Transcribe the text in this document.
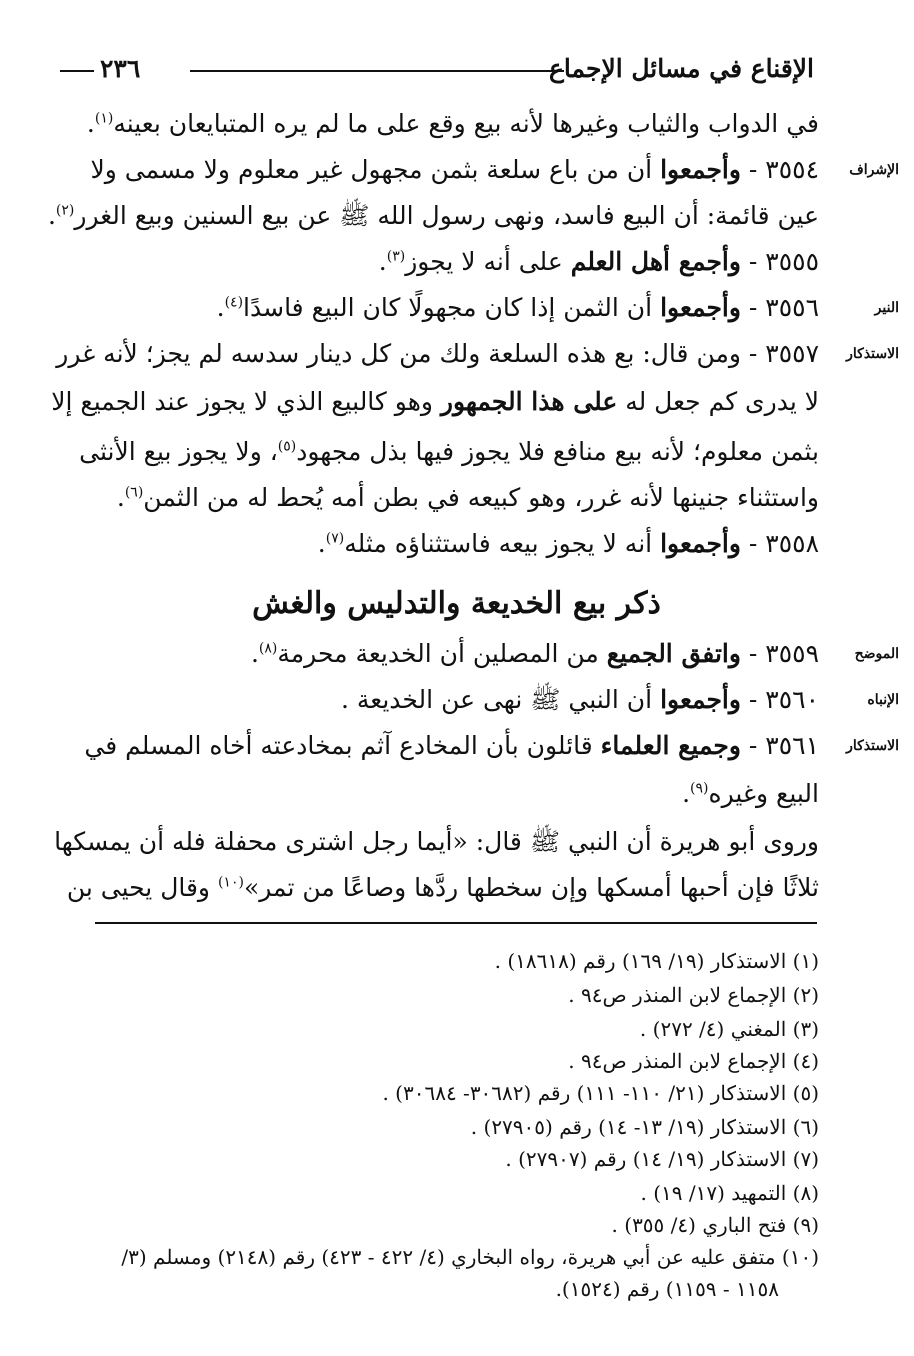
الإقناع في مسائل الإجماع
٢٣٦
في الدواب والثياب وغيرها لأنه بيع وقع على ما لم يره المتبايعان بعينه$^{(١)}$.
الإشراف
٣٥٥٤ - وأجمعوا أن من باع سلعة بثمن مجهول غير معلوم ولا مسمى ولا
عين قائمة: أن البيع فاسد، ونهى رسول الله ﷺ عن بيع السنين وبيع الغرر$^{(٢)}$.
٣٥٥٥ - وأجمع أهل العلم على أنه لا يجوز$^{(٣)}$.
النير
٣٥٥٦ - وأجمعوا أن الثمن إذا كان مجهولًا كان البيع فاسدًا$^{(٤)}$.
الاستذكار
٣٥٥٧ - ومن قال: بع هذه السلعة ولك من كل دينار سدسه لم يجز؛ لأنه غرر
لا يدرى كم جعل له على هذا الجمهور وهو كالبيع الذي لا يجوز عند الجميع إلا
بثمن معلوم؛ لأنه بيع منافع فلا يجوز فيها بذل مجهود$^{(٥)}$، ولا يجوز بيع الأنثى
واستثناء جنينها لأنه غرر، وهو كبيعه في بطن أمه يُحط له من الثمن$^{(٦)}$.
٣٥٥٨ - وأجمعوا أنه لا يجوز بيعه فاستثناؤه مثله$^{(٧)}$.
ذكر بيع الخديعة والتدليس والغش
الموضح
٣٥٥٩ - واتفق الجميع من المصلين أن الخديعة محرمة$^{(٨)}$.
الإنباه
٣٥٦٠ - وأجمعوا أن النبي ﷺ نهى عن الخديعة .
الاستذكار
٣٥٦١ - وجميع العلماء قائلون بأن المخادع آثم بمخادعته أخاه المسلم في
البيع وغيره$^{(٩)}$.
وروى أبو هريرة أن النبي ﷺ قال: «أيما رجل اشترى محفلة فله أن يمسكها
ثلاثًا فإن أحبها أمسكها وإن سخطها ردَّها وصاعًا من تمر»$^{(١٠)}$ وقال يحيى بن
(١) الاستذكار (١٩/ ١٦٩) رقم (١٨٦١٨) .
(٢) الإجماع لابن المنذر ص٩٤ .
(٣) المغني (٤/ ٢٧٢) .
(٤) الإجماع لابن المنذر ص٩٤ .
(٥) الاستذكار (٢١/ ١١٠- ١١١) رقم (٣٠٦٨٢- ٣٠٦٨٤) .
(٦) الاستذكار (١٩/ ١٣- ١٤) رقم (٢٧٩٠٥) .
(٧) الاستذكار (١٩/ ١٤) رقم (٢٧٩٠٧) .
(٨) التمهيد (١٧/ ١٩) .
(٩) فتح الباري (٤/ ٣٥٥) .
(١٠) متفق عليه عن أبي هريرة، رواه البخاري (٤/ ٤٢٢ - ٤٢٣) رقم (٢١٤٨) ومسلم (٣/
١١٥٨ - ١١٥٩) رقم (١٥٢٤).
